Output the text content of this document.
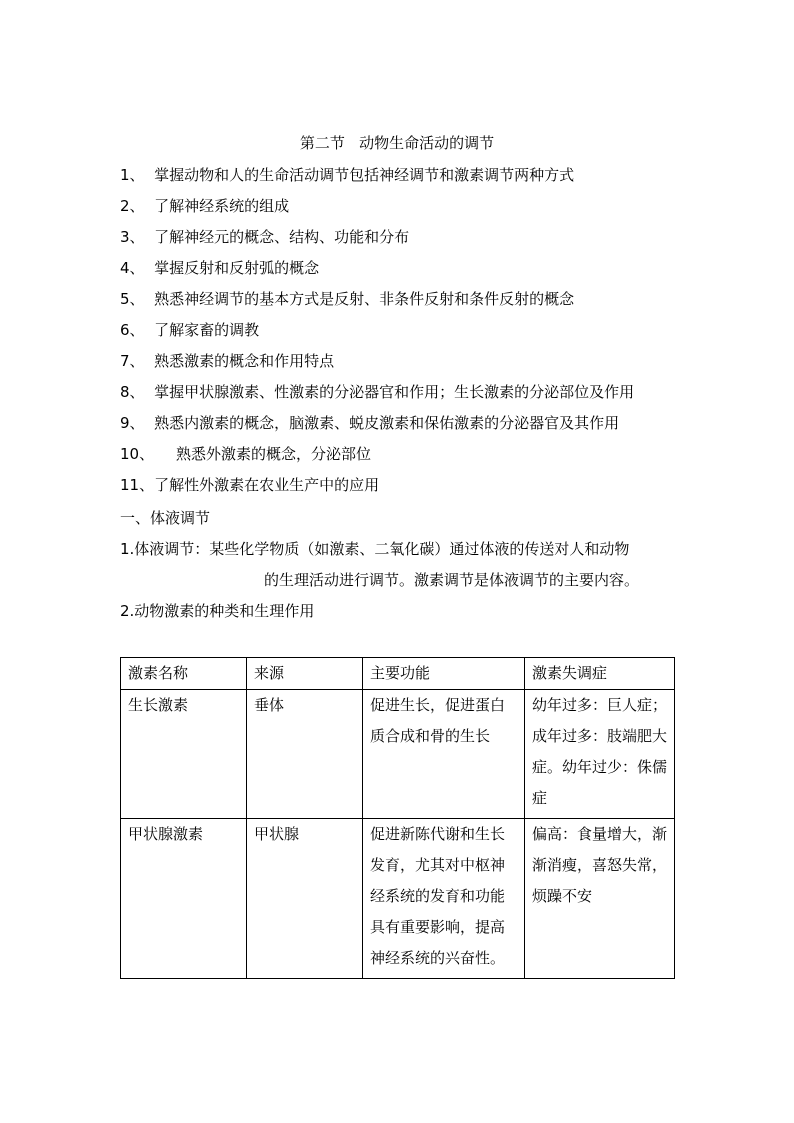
第二节   动物生命活动的调节
1、 掌握动物和人的生命活动调节包括神经调节和激素调节两种方式
2、 了解神经系统的组成
3、 了解神经元的概念、结构、功能和分布
4、 掌握反射和反射弧的概念
5、 熟悉神经调节的基本方式是反射、非条件反射和条件反射的概念
6、 了解家畜的调教
7、 熟悉激素的概念和作用特点
8、 掌握甲状腺激素、性激素的分泌器官和作用；生长激素的分泌部位及作用
9、 熟悉内激素的概念，脑激素、蜕皮激素和保佑激素的分泌器官及其作用
10、 熟悉外激素的概念，分泌部位
11、了解性外激素在农业生产中的应用
一、体液调节
1.体液调节：某些化学物质（如激素、二氧化碳）通过体液的传送对人和动物
的生理活动进行调节。激素调节是体液调节的主要内容。
2.动物激素的种类和生理作用
激素名称	来源	主要功能	激素失调症
生长激素	垂体	促进生长，促进蛋白质合成和骨的生长	幼年过多：巨人症；成年过多：肢端肥大症。幼年过少：侏儒症
甲状腺激素	甲状腺	促进新陈代谢和生长发育，尤其对中枢神经系统的发育和功能具有重要影响，提高神经系统的兴奋性。	偏高：食量增大，渐渐消瘦，喜怒失常，烦躁不安
